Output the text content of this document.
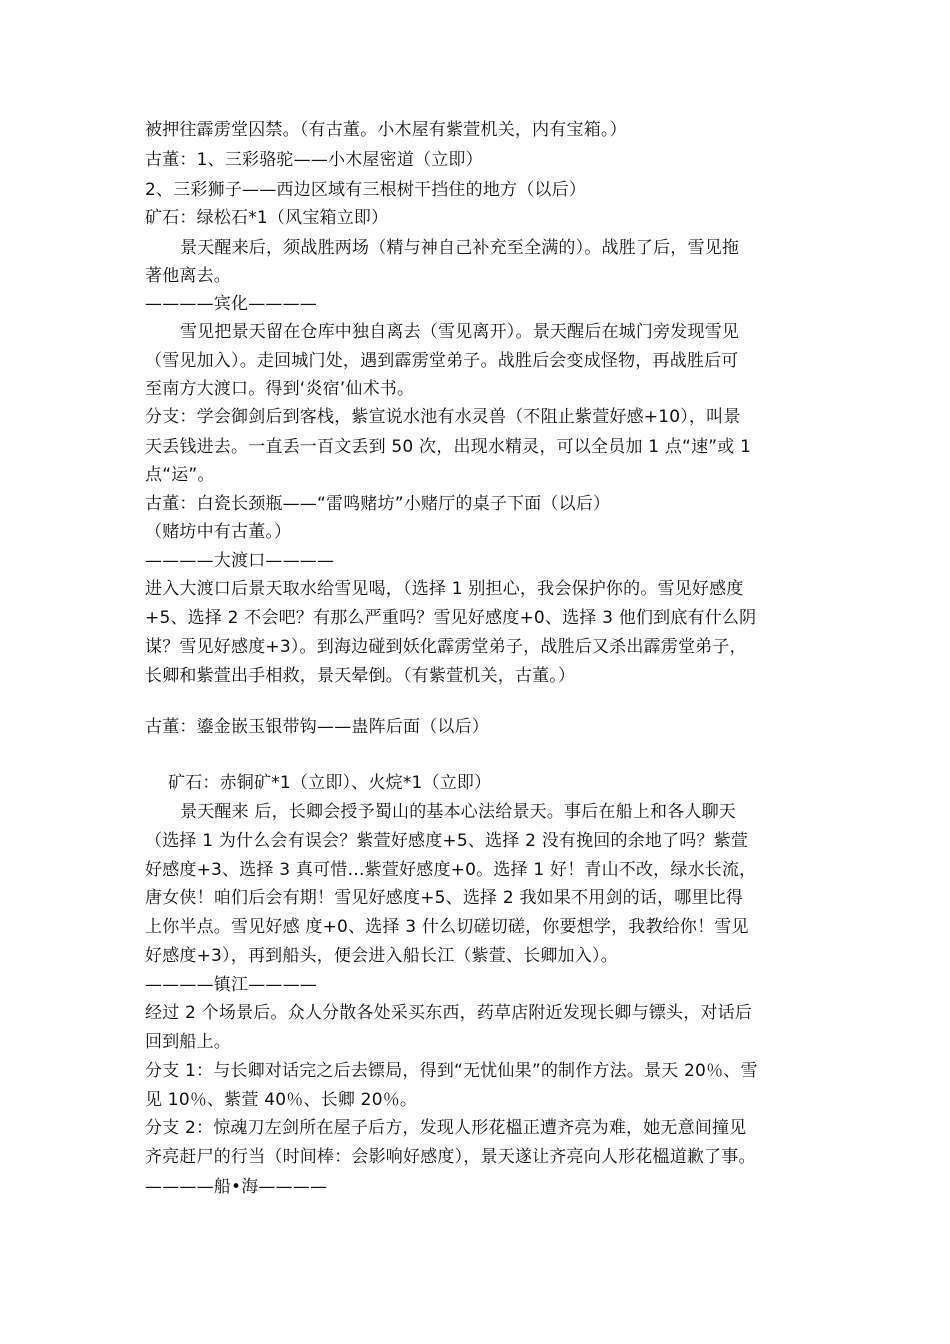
被押往霹雳堂囚禁。（有古董。小木屋有紫萱机关，内有宝箱。）
古董：1、三彩骆驼——小木屋密道（立即）
2、三彩狮子——西边区域有三根树干挡住的地方（以后）
矿石：绿松石*1（风宝箱立即）
景天醒来后，须战胜两场（精与神自己补充至全满的）。战胜了后，雪见拖
著他离去。
————宾化————
雪见把景天留在仓库中独自离去（雪见离开）。景天醒后在城门旁发现雪见
（雪见加入）。走回城门处，遇到霹雳堂弟子。战胜后会变成怪物，再战胜后可
至南方大渡口。得到‘炎宿’仙术书。
分支：学会御剑后到客栈，紫宣说水池有水灵兽（不阻止紫萱好感+10），叫景
天丢钱进去。一直丢一百文丢到 50 次，出现水精灵，可以全员加 1 点“速”或 1
点“运”。
古董：白瓷长颈瓶——“雷鸣赌坊”小赌厅的桌子下面（以后）
（赌坊中有古董。）
————大渡口————
进入大渡口后景天取水给雪见喝，（选择 1 别担心，我会保护你的。雪见好感度
+5、选择 2 不会吧？有那么严重吗？雪见好感度+0、选择 3 他们到底有什么阴
谋？雪见好感度+3）。到海边碰到妖化霹雳堂弟子，战胜后又杀出霹雳堂弟子，
长卿和紫萱出手相救，景天晕倒。（有紫萱机关，古董。）
古董：鎏金嵌玉银带钩——蛊阵后面（以后）
矿石：赤铜矿*1（立即）、火烷*1（立即）
景天醒来 后，长卿会授予蜀山的基本心法给景天。事后在船上和各人聊天
（选择 1 为什么会有误会？紫萱好感度+5、选择 2 没有挽回的余地了吗？紫萱
好感度+3、选择 3 真可惜…紫萱好感度+0。选择 1 好！青山不改，绿水长流，
唐女侠！咱们后会有期！雪见好感度+5、选择 2 我如果不用剑的话，哪里比得
上你半点。雪见好感 度+0、选择 3 什么切磋切磋，你要想学，我教给你！雪见
好感度+3），再到船头，便会进入船长江（紫萱、长卿加入）。
————镇江————
经过 2 个场景后。众人分散各处采买东西，药草店附近发现长卿与镖头，对话后
回到船上。
分支 1：与长卿对话完之后去镖局，得到“无忧仙果”的制作方法。景天 20％、雪
见 10％、紫萱 40％、长卿 20％。
分支 2：惊魂刀左剑所在屋子后方，发现人形花榲正遭齐亮为难，她无意间撞见
齐亮赶尸的行当（时间棒：会影响好感度），景天遂让齐亮向人形花榲道歉了事。
————船•海————
